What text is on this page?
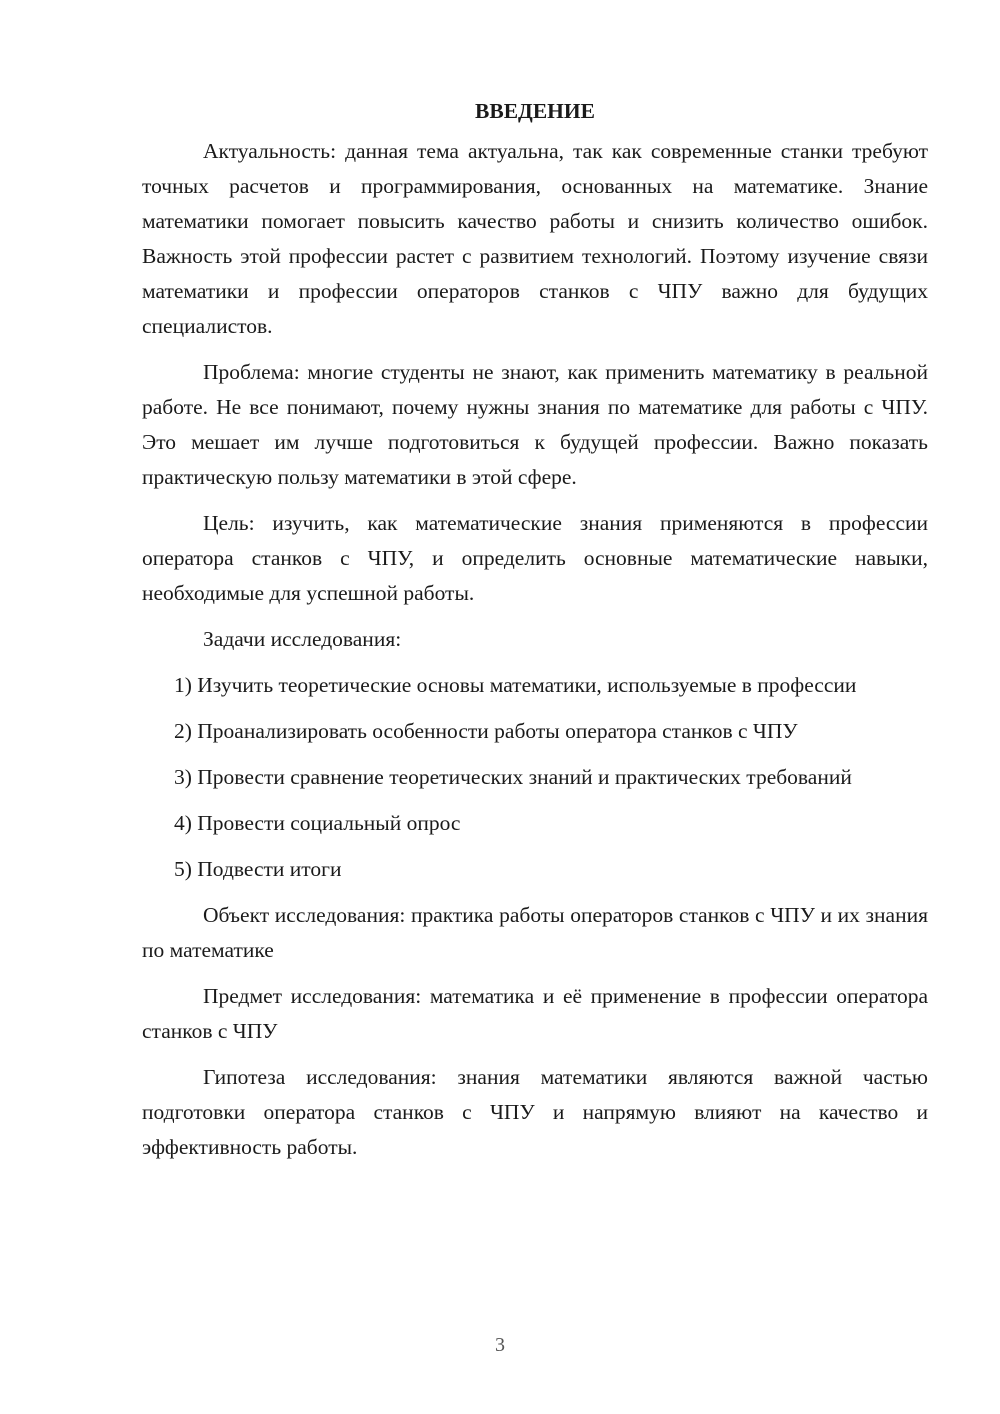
ВВЕДЕНИЕ

Актуальность: данная тема актуальна, так как современные станки требуют точных расчетов и программирования, основанных на математике. Знание математики помогает повысить качество работы и снизить количество ошибок. Важность этой профессии растет с развитием технологий. Поэтому изучение связи математики и профессии операторов станков с ЧПУ важно для будущих специалистов.

Проблема: многие студенты не знают, как применить математику в реальной работе. Не все понимают, почему нужны знания по математике для работы с ЧПУ. Это мешает им лучше подготовиться к будущей профессии. Важно показать практическую пользу математики в этой сфере.

Цель: изучить, как математические знания применяются в профессии оператора станков с ЧПУ, и определить основные математические навыки, необходимые для успешной работы.

Задачи исследования:

1) Изучить теоретические основы математики, используемые в профессии

2) Проанализировать особенности работы оператора станков с ЧПУ

3) Провести сравнение теоретических знаний и практических требований

4) Провести социальный опрос

5) Подвести итоги

Объект исследования: практика работы операторов станков с ЧПУ и их знания по математике

Предмет исследования: математика и её применение в профессии оператора станков с ЧПУ

Гипотеза исследования: знания математики являются важной частью подготовки оператора станков с ЧПУ и напрямую влияют на качество и эффективность работы.

3
